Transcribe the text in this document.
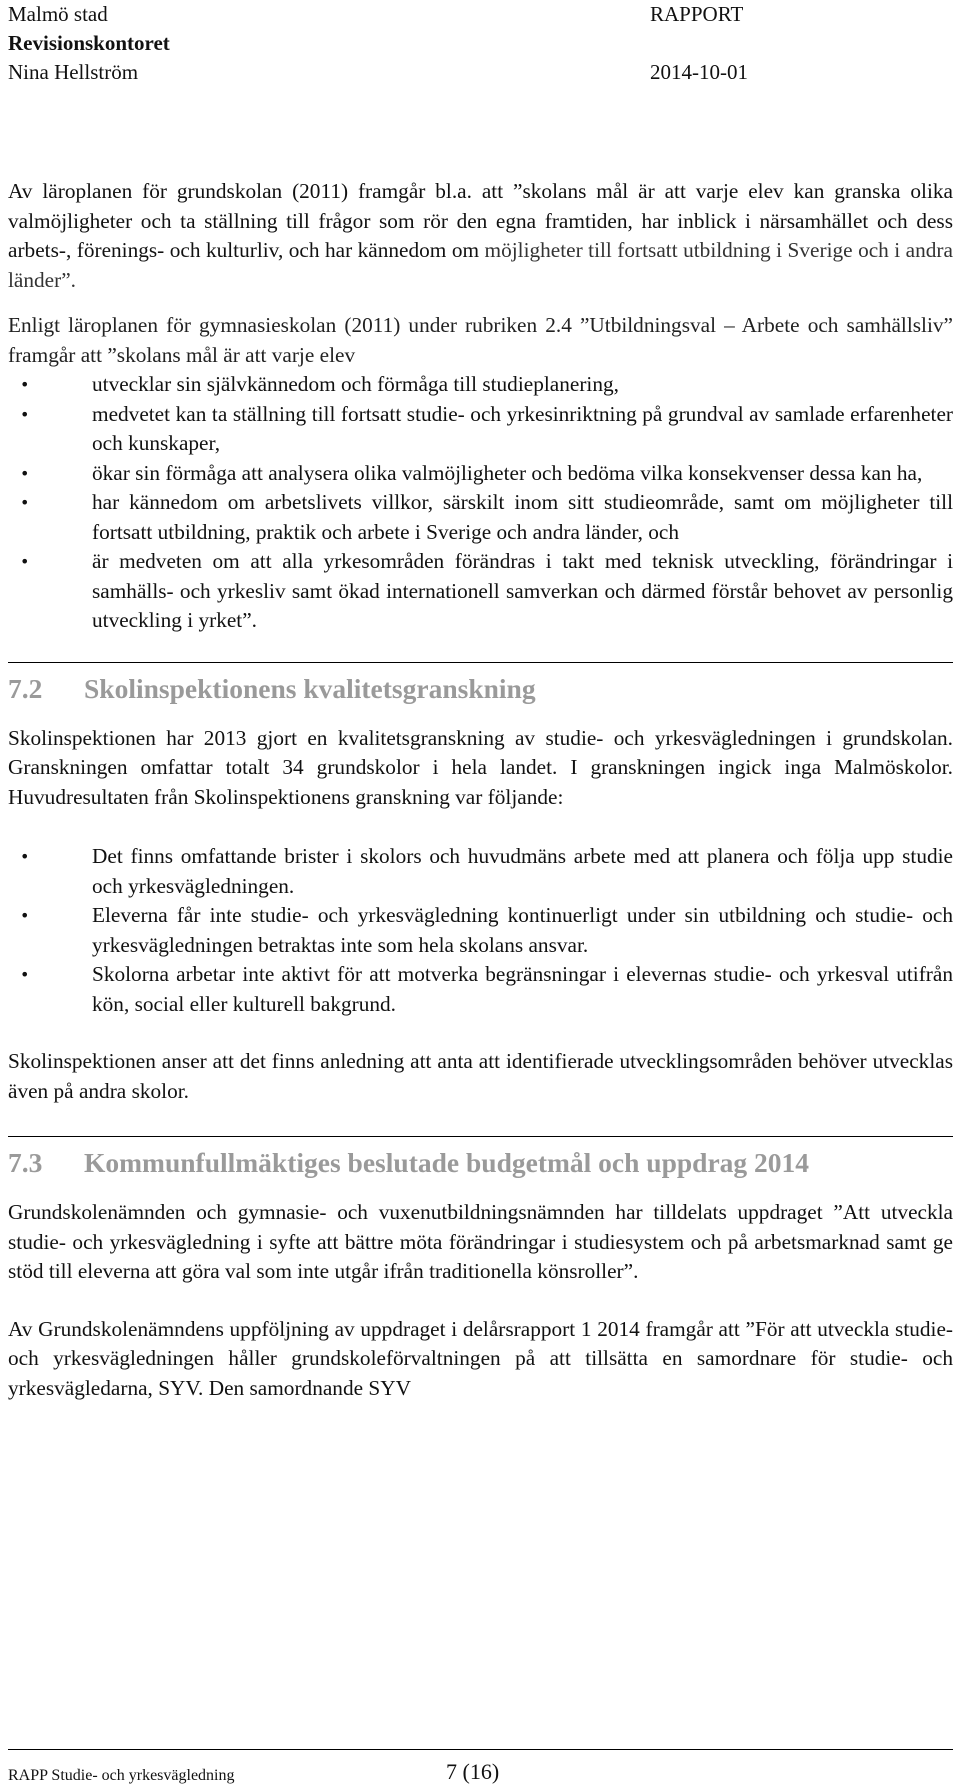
Malmö stad	RAPPORT
Revisionskontoret
Nina Hellström	2014-10-01

Av läroplanen för grundskolan (2011) framgår bl.a. att ”skolans mål är att varje elev kan granska olika valmöjligheter och ta ställning till frågor som rör den egna framtiden, har inblick i närsamhället och dess arbets-, förenings- och kulturliv, och har kännedom om möjligheter till fortsatt utbildning i Sverige och i andra länder”.

Enligt läroplanen för gymnasieskolan (2011) under rubriken 2.4 ”Utbildningsval – Arbete och samhällsliv” framgår att ”skolans mål är att varje elev

• utvecklar sin självkännedom och förmåga till studieplanering,
• medvetet kan ta ställning till fortsatt studie- och yrkesinriktning på grundval av samlade erfarenheter och kunskaper,
• ökar sin förmåga att analysera olika valmöjligheter och bedöma vilka konsekvenser dessa kan ha,
• har kännedom om arbetslivets villkor, särskilt inom sitt studieområde, samt om möjligheter till fortsatt utbildning, praktik och arbete i Sverige och andra länder, och
• är medveten om att alla yrkesområden förändras i takt med teknisk utveckling, förändringar i samhälls- och yrkesliv samt ökad internationell samverkan och därmed förstår behovet av personlig utveckling i yrket”.
7.2 Skolinspektionens kvalitetsgranskning

Skolinspektionen har 2013 gjort en kvalitetsgranskning av studie- och yrkesvägledningen i grundskolan. Granskningen omfattar totalt 34 grundskolor i hela landet. I granskningen ingick inga Malmöskolor. Huvudresultaten från Skolinspektionens granskning var följande:

• Det finns omfattande brister i skolors och huvudmäns arbete med att planera och följa upp studie och yrkesvägledningen.
• Eleverna får inte studie- och yrkesvägledning kontinuerligt under sin utbildning och studie- och yrkesvägledningen betraktas inte som hela skolans ansvar.
• Skolorna arbetar inte aktivt för att motverka begränsningar i elevernas studie- och yrkesval utifrån kön, social eller kulturell bakgrund.

Skolinspektionen anser att det finns anledning att anta att identifierade utvecklingsområden behöver utvecklas även på andra skolor.

7.3 Kommunfullmäktiges beslutade budgetmål och uppdrag 2014

Grundskolenämnden och gymnasie- och vuxenutbildningsnämnden har tilldelats uppdraget ”Att utveckla studie- och yrkesvägledning i syfte att bättre möta förändringar i studiesystem och på arbetsmarknad samt ge stöd till eleverna att göra val som inte utgår ifrån traditionella könsroller”.

Av Grundskolenämndens uppföljning av uppdraget i delårsrapport 1 2014 framgår att ”För att utveckla studie- och yrkesvägledningen håller grundskoleförvaltningen på att tillsätta en samordnare för studie- och yrkesvägledarna, SYV. Den samordnande SYV

RAPP Studie- och yrkesvägledning	7 (16)
